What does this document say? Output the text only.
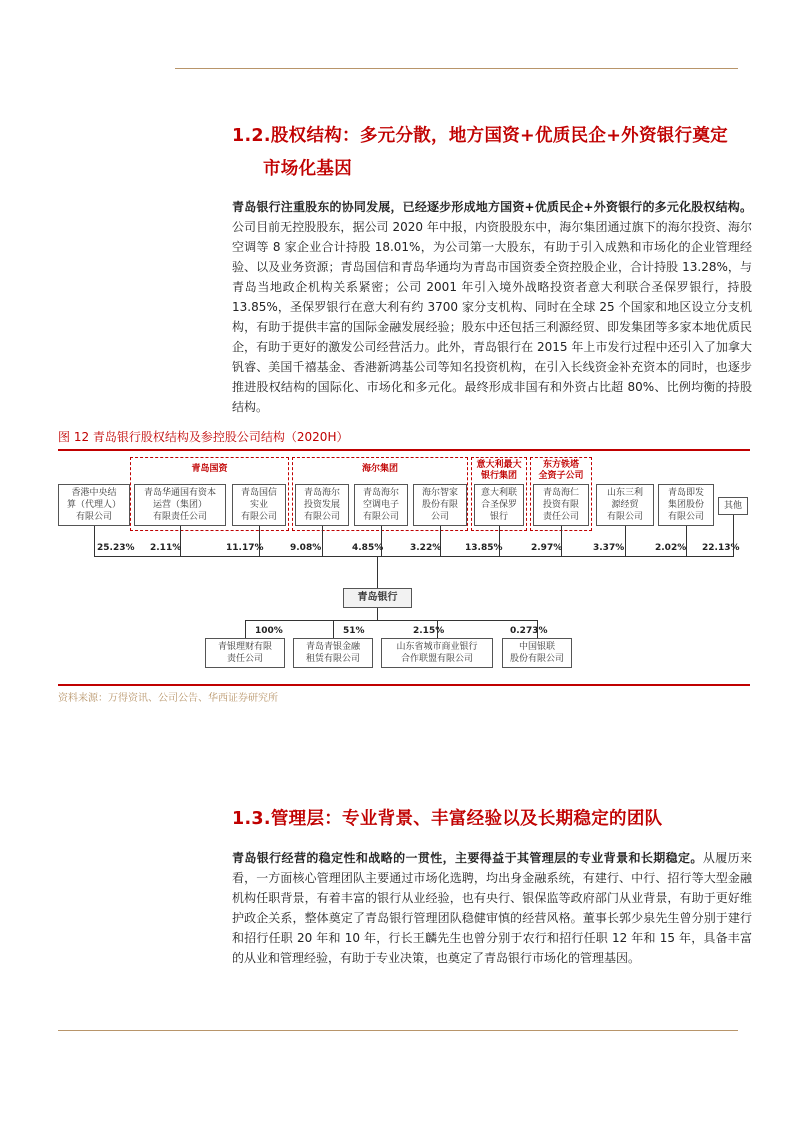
1.2.股权结构：多元分散，地方国资+优质民企+外资银行奠定
市场化基因

青岛银行注重股东的协同发展，已经逐步形成地方国资+优质民企+外资银行的多元化股权结构。公司目前无控股股东，据公司 2020 年中报，内资股股东中，海尔集团通过旗下的海尔投资、海尔空调等 8 家企业合计持股 18.01%，为公司第一大股东，有助于引入成熟和市场化的企业管理经验、以及业务资源；青岛国信和青岛华通均为青岛市国资委全资控股企业，合计持股 13.28%，与青岛当地政企机构关系紧密；公司 2001 年引入境外战略投资者意大利联合圣保罗银行，持股 13.85%，圣保罗银行在意大利有约 3700 家分支机构、同时在全球 25 个国家和地区设立分支机构，有助于提供丰富的国际金融发展经验；股东中还包括三利源经贸、即发集团等多家本地优质民企，有助于更好的激发公司经营活力。此外，青岛银行在 2015 年上市发行过程中还引入了加拿大钒睿、美国千禧基金、香港新鸿基公司等知名投资机构，在引入长线资金补充资本的同时，也逐步推进股权结构的国际化、市场化和多元化。最终形成非国有和外资占比超 80%、比例均衡的持股结构。

图 12 青岛银行股权结构及参控股公司结构（2020H）
青岛国资	海尔集团	意大利最大
银行集团
东方铁塔
全资子公司
香港中央结
算（代理人）
有限公司
青岛华通国有资本
运营（集团）
有限责任公司
青岛国信
实业
有限公司
青岛海尔
投资发展
有限公司
青岛海尔
空调电子
有限公司
海尔智家
股份有限
公司
意大利联
合圣保罗
银行
青岛海仁
投资有限
责任公司
山东三利
源经贸
有限公司
青岛即发
集团股份
有限公司
其他
25.23% 2.11%	11.17%	9.08%	4.85%	3.22%	13.85%	2.97%	3.37%	2.02% 22.13%
青岛银行
100%	51%	2.15%	0.273%
青银理财有限
责任公司
青岛青银金融
租赁有限公司
山东省城市商业银行
合作联盟有限公司
中国银联
股份有限公司
资料来源：万得资讯、公司公告、华西证券研究所
1.3.管理层：专业背景、丰富经验以及长期稳定的团队

青岛银行经营的稳定性和战略的一贯性，主要得益于其管理层的专业背景和长期稳定。从履历来看，一方面核心管理团队主要通过市场化选聘，均出身金融系统，有建行、中行、招行等大型金融机构任职背景，有着丰富的银行从业经验，也有央行、银保监等政府部门从业背景，有助于更好维护政企关系，整体奠定了青岛银行管理团队稳健审慎的经营风格。董事长郭少泉先生曾分别于建行和招行任职 20 年和 10 年，行长王麟先生也曾分别于农行和招行任职 12 年和 15 年，具备丰富的从业和管理经验，有助于专业决策，也奠定了青岛银行市场化的管理基因。
